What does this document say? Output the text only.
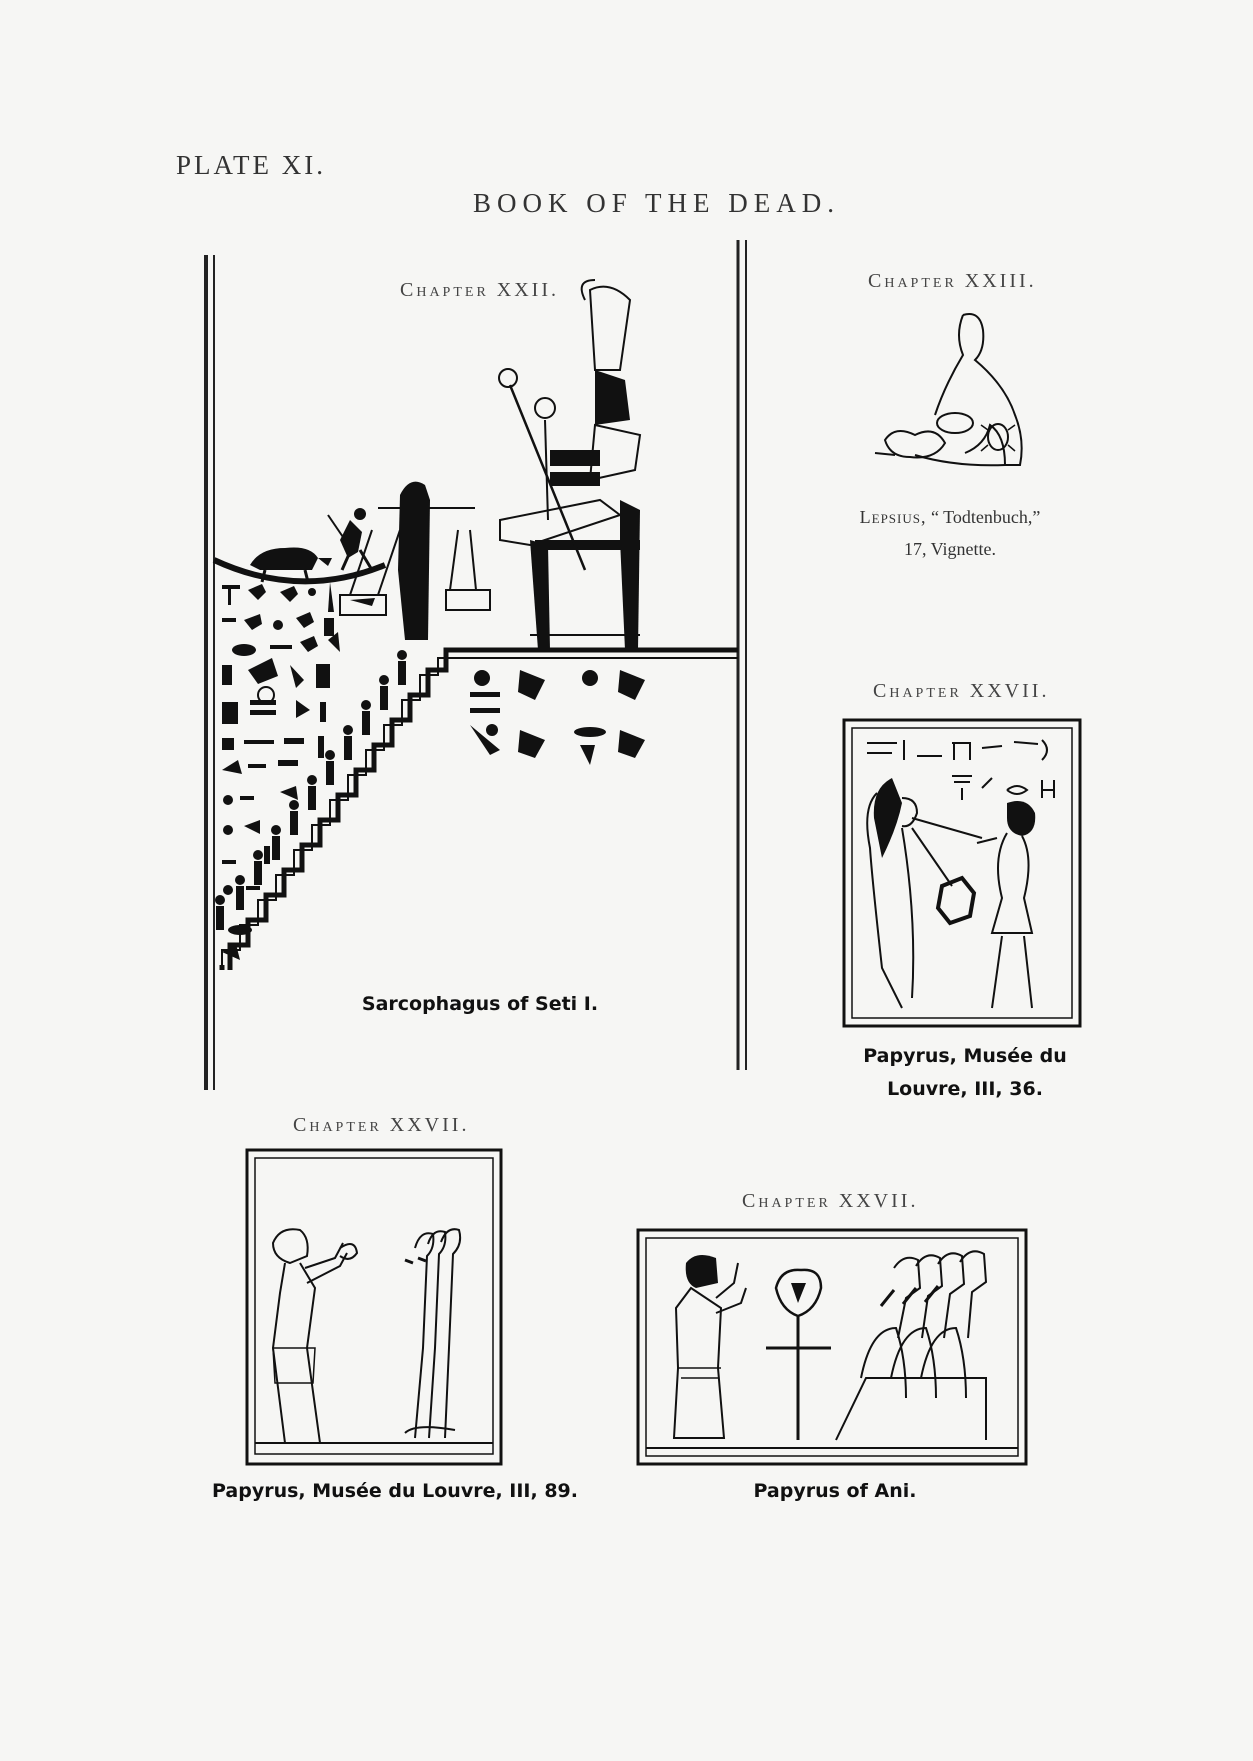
PLATE XI.
BOOK OF THE DEAD.
Chapter XXII.
Sarcophagus of Seti I.
Chapter XXIII.
Lepsius, “ Todtenbuch,”
17, Vignette.
Chapter XXVII.
Papyrus, Musée du
Louvre, III, 36.
Chapter XXVII.
Papyrus, Musée du Louvre, III, 89.
Chapter XXVII.
Papyrus of Ani.
